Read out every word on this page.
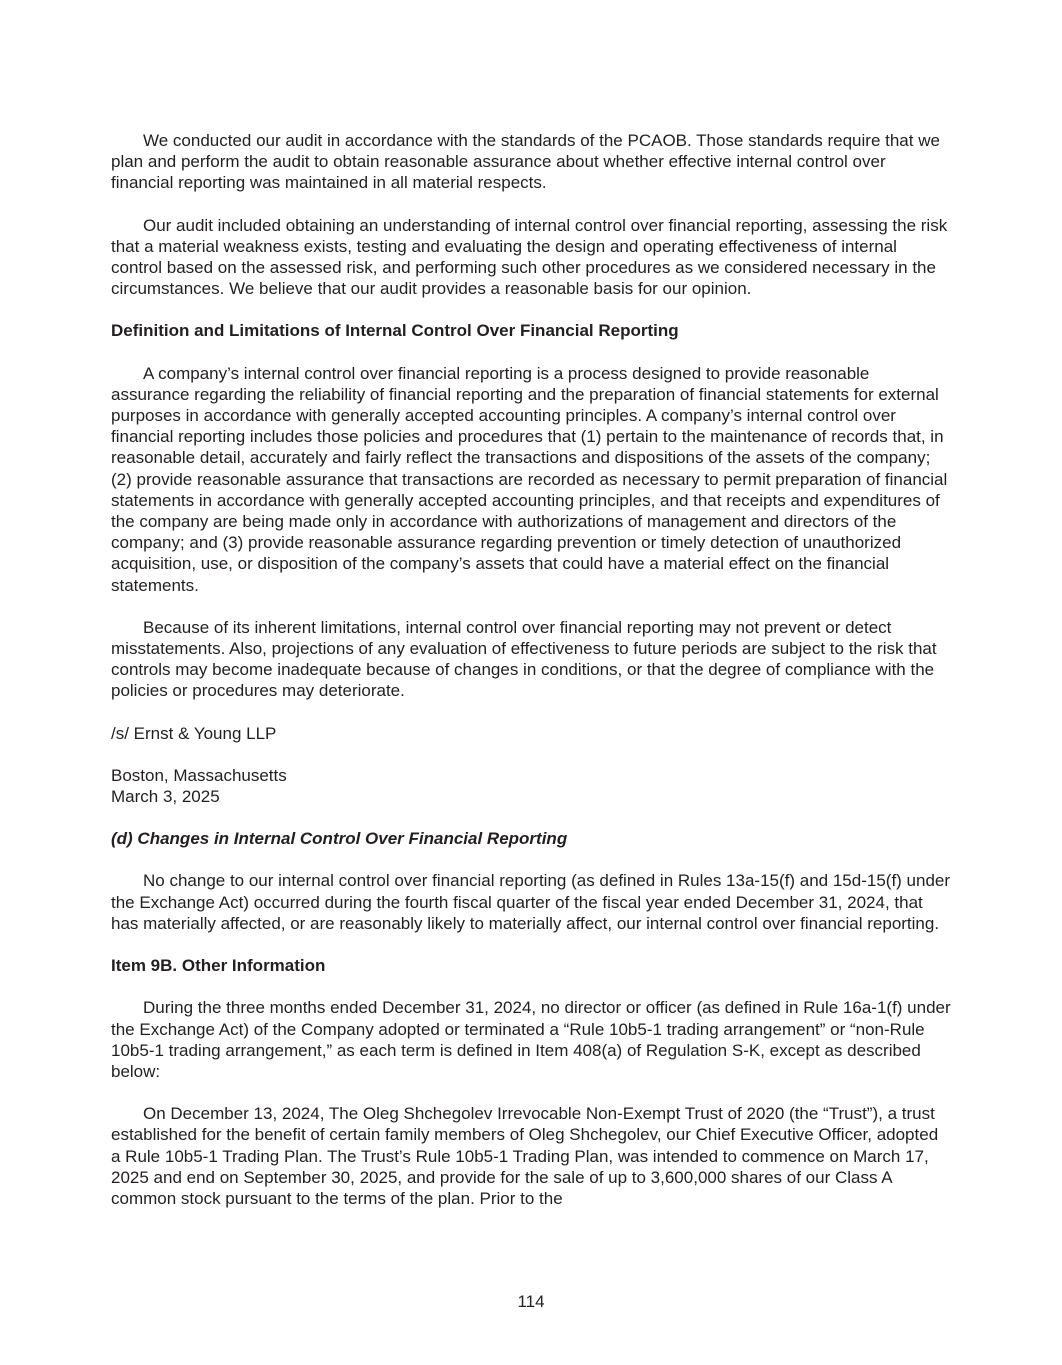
We conducted our audit in accordance with the standards of the PCAOB. Those standards require that we plan and perform the audit to obtain reasonable assurance about whether effective internal control over financial reporting was maintained in all material respects.

Our audit included obtaining an understanding of internal control over financial reporting, assessing the risk that a material weakness exists, testing and evaluating the design and operating effectiveness of internal control based on the assessed risk, and performing such other procedures as we considered necessary in the circumstances. We believe that our audit provides a reasonable basis for our opinion.

Definition and Limitations of Internal Control Over Financial Reporting

A company’s internal control over financial reporting is a process designed to provide reasonable assurance regarding the reliability of financial reporting and the preparation of financial statements for external purposes in accordance with generally accepted accounting principles. A company’s internal control over financial reporting includes those policies and procedures that (1) pertain to the maintenance of records that, in reasonable detail, accurately and fairly reflect the transactions and dispositions of the assets of the company; (2) provide reasonable assurance that transactions are recorded as necessary to permit preparation of financial statements in accordance with generally accepted accounting principles, and that receipts and expenditures of the company are being made only in accordance with authorizations of management and directors of the company; and (3) provide reasonable assurance regarding prevention or timely detection of unauthorized acquisition, use, or disposition of the company’s assets that could have a material effect on the financial statements.

Because of its inherent limitations, internal control over financial reporting may not prevent or detect misstatements. Also, projections of any evaluation of effectiveness to future periods are subject to the risk that controls may become inadequate because of changes in conditions, or that the degree of compliance with the policies or procedures may deteriorate.

/s/ Ernst & Young LLP

Boston, Massachusetts
March 3, 2025
(d) Changes in Internal Control Over Financial Reporting

No change to our internal control over financial reporting (as defined in Rules 13a-15(f) and 15d-15(f) under the Exchange Act) occurred during the fourth fiscal quarter of the fiscal year ended December 31, 2024, that has materially affected, or are reasonably likely to materially affect, our internal control over financial reporting.

Item 9B. Other Information

During the three months ended December 31, 2024, no director or officer (as defined in Rule 16a-1(f) under the Exchange Act) of the Company adopted or terminated a “Rule 10b5-1 trading arrangement” or “non-Rule 10b5-1 trading arrangement,” as each term is defined in Item 408(a) of Regulation S-K, except as described below:

On December 13, 2024, The Oleg Shchegolev Irrevocable Non-Exempt Trust of 2020 (the “Trust”), a trust established for the benefit of certain family members of Oleg Shchegolev, our Chief Executive Officer, adopted a Rule 10b5-1 Trading Plan. The Trust’s Rule 10b5-1 Trading Plan, was intended to commence on March 17, 2025 and end on September 30, 2025, and provide for the sale of up to 3,600,000 shares of our Class A common stock pursuant to the terms of the plan. Prior to the

114
